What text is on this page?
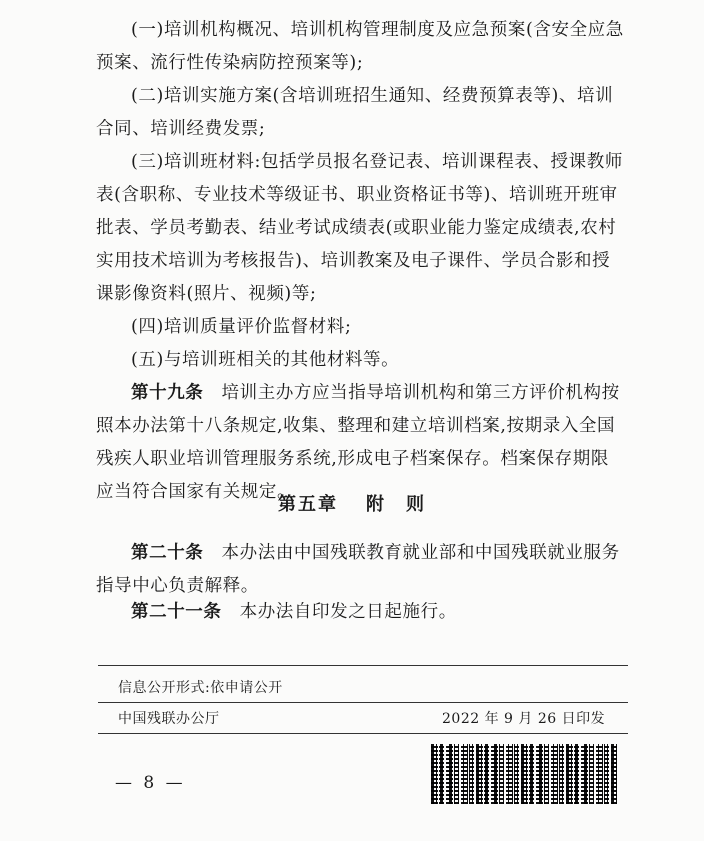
(一)培训机构概况、培训机构管理制度及应急预案(含安全应急预案、流行性传染病防控预案等);

(二)培训实施方案(含培训班招生通知、经费预算表等)、培训合同、培训经费发票;

(三)培训班材料:包括学员报名登记表、培训课程表、授课教师表(含职称、专业技术等级证书、职业资格证书等)、培训班开班审批表、学员考勤表、结业考试成绩表(或职业能力鉴定成绩表,农村实用技术培训为考核报告)、培训教案及电子课件、学员合影和授课影像资料(照片、视频)等;

(四)培训质量评价监督材料;

(五)与培训班相关的其他材料等。

第十九条　 培训主办方应当指导培训机构和第三方评价机构按照本办法第十八条规定,收集、整理和建立培训档案,按期录入全国残疾人职业培训管理服务系统,形成电子档案保存。档案保存期限应当符合国家有关规定。

第五章 附　则

第二十条　 本办法由中国残联教育就业部和中国残联就业服务指导中心负责解释。

第二十一条　 本办法自印发之日起施行。

信息公开形式:依申请公开
中国残联办公厅	2022 年 9 月 26 日印发
— 8 —
